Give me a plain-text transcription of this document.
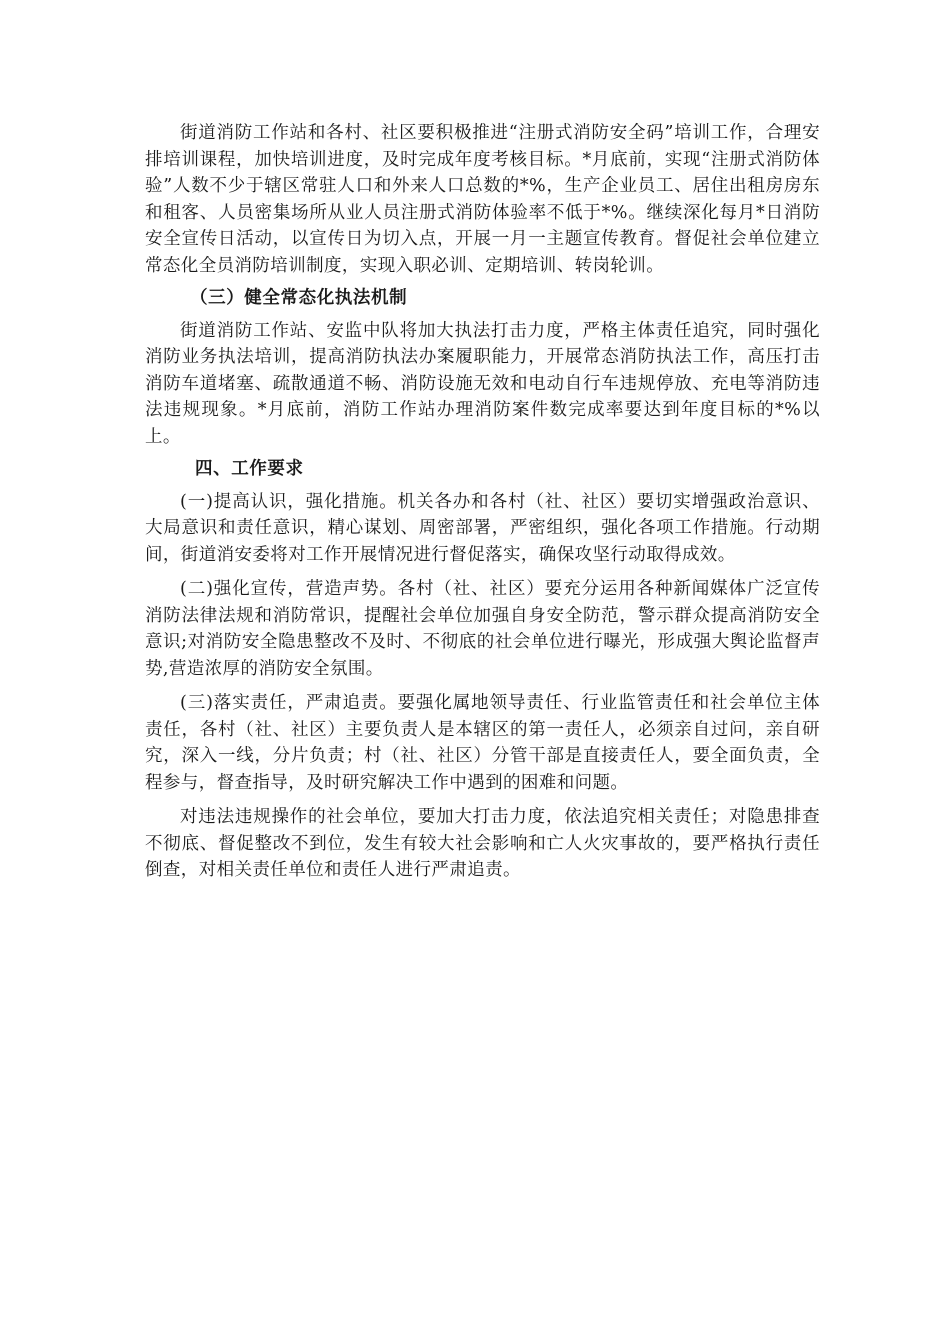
街道消防工作站和各村、社区要积极推进“注册式消防安全码”培训工作，合理安排培训课程，加快培训进度，及时完成年度考核目标。*月底前，实现“注册式消防体验”人数不少于辖区常驻人口和外来人口总数的*%，生产企业员工、居住出租房房东和租客、人员密集场所从业人员注册式消防体验率不低于*%。继续深化每月*日消防安全宣传日活动，以宣传日为切入点，开展一月一主题宣传教育。督促社会单位建立常态化全员消防培训制度，实现入职必训、定期培训、转岗轮训。

（三）健全常态化执法机制

街道消防工作站、安监中队将加大执法打击力度，严格主体责任追究，同时强化消防业务执法培训，提高消防执法办案履职能力，开展常态消防执法工作，高压打击消防车道堵塞、疏散通道不畅、消防设施无效和电动自行车违规停放、充电等消防违法违规现象。*月底前，消防工作站办理消防案件数完成率要达到年度目标的*%以上。

四、工作要求

(一)提高认识，强化措施。机关各办和各村（社、社区）要切实增强政治意识、大局意识和责任意识，精心谋划、周密部署，严密组织，强化各项工作措施。行动期间，街道消安委将对工作开展情况进行督促落实，确保攻坚行动取得成效。

(二)强化宣传，营造声势。各村（社、社区）要充分运用各种新闻媒体广泛宣传消防法律法规和消防常识，提醒社会单位加强自身安全防范，警示群众提高消防安全意识;对消防安全隐患整改不及时、不彻底的社会单位进行曝光，形成强大舆论监督声势,营造浓厚的消防安全氛围。

(三)落实责任，严肃追责。要强化属地领导责任、行业监管责任和社会单位主体责任，各村（社、社区）主要负责人是本辖区的第一责任人，必须亲自过问，亲自研究，深入一线，分片负责；村（社、社区）分管干部是直接责任人，要全面负责，全程参与，督查指导，及时研究解决工作中遇到的困难和问题。

对违法违规操作的社会单位，要加大打击力度，依法追究相关责任；对隐患排查不彻底、督促整改不到位，发生有较大社会影响和亡人火灾事故的，要严格执行责任倒查，对相关责任单位和责任人进行严肃追责。
